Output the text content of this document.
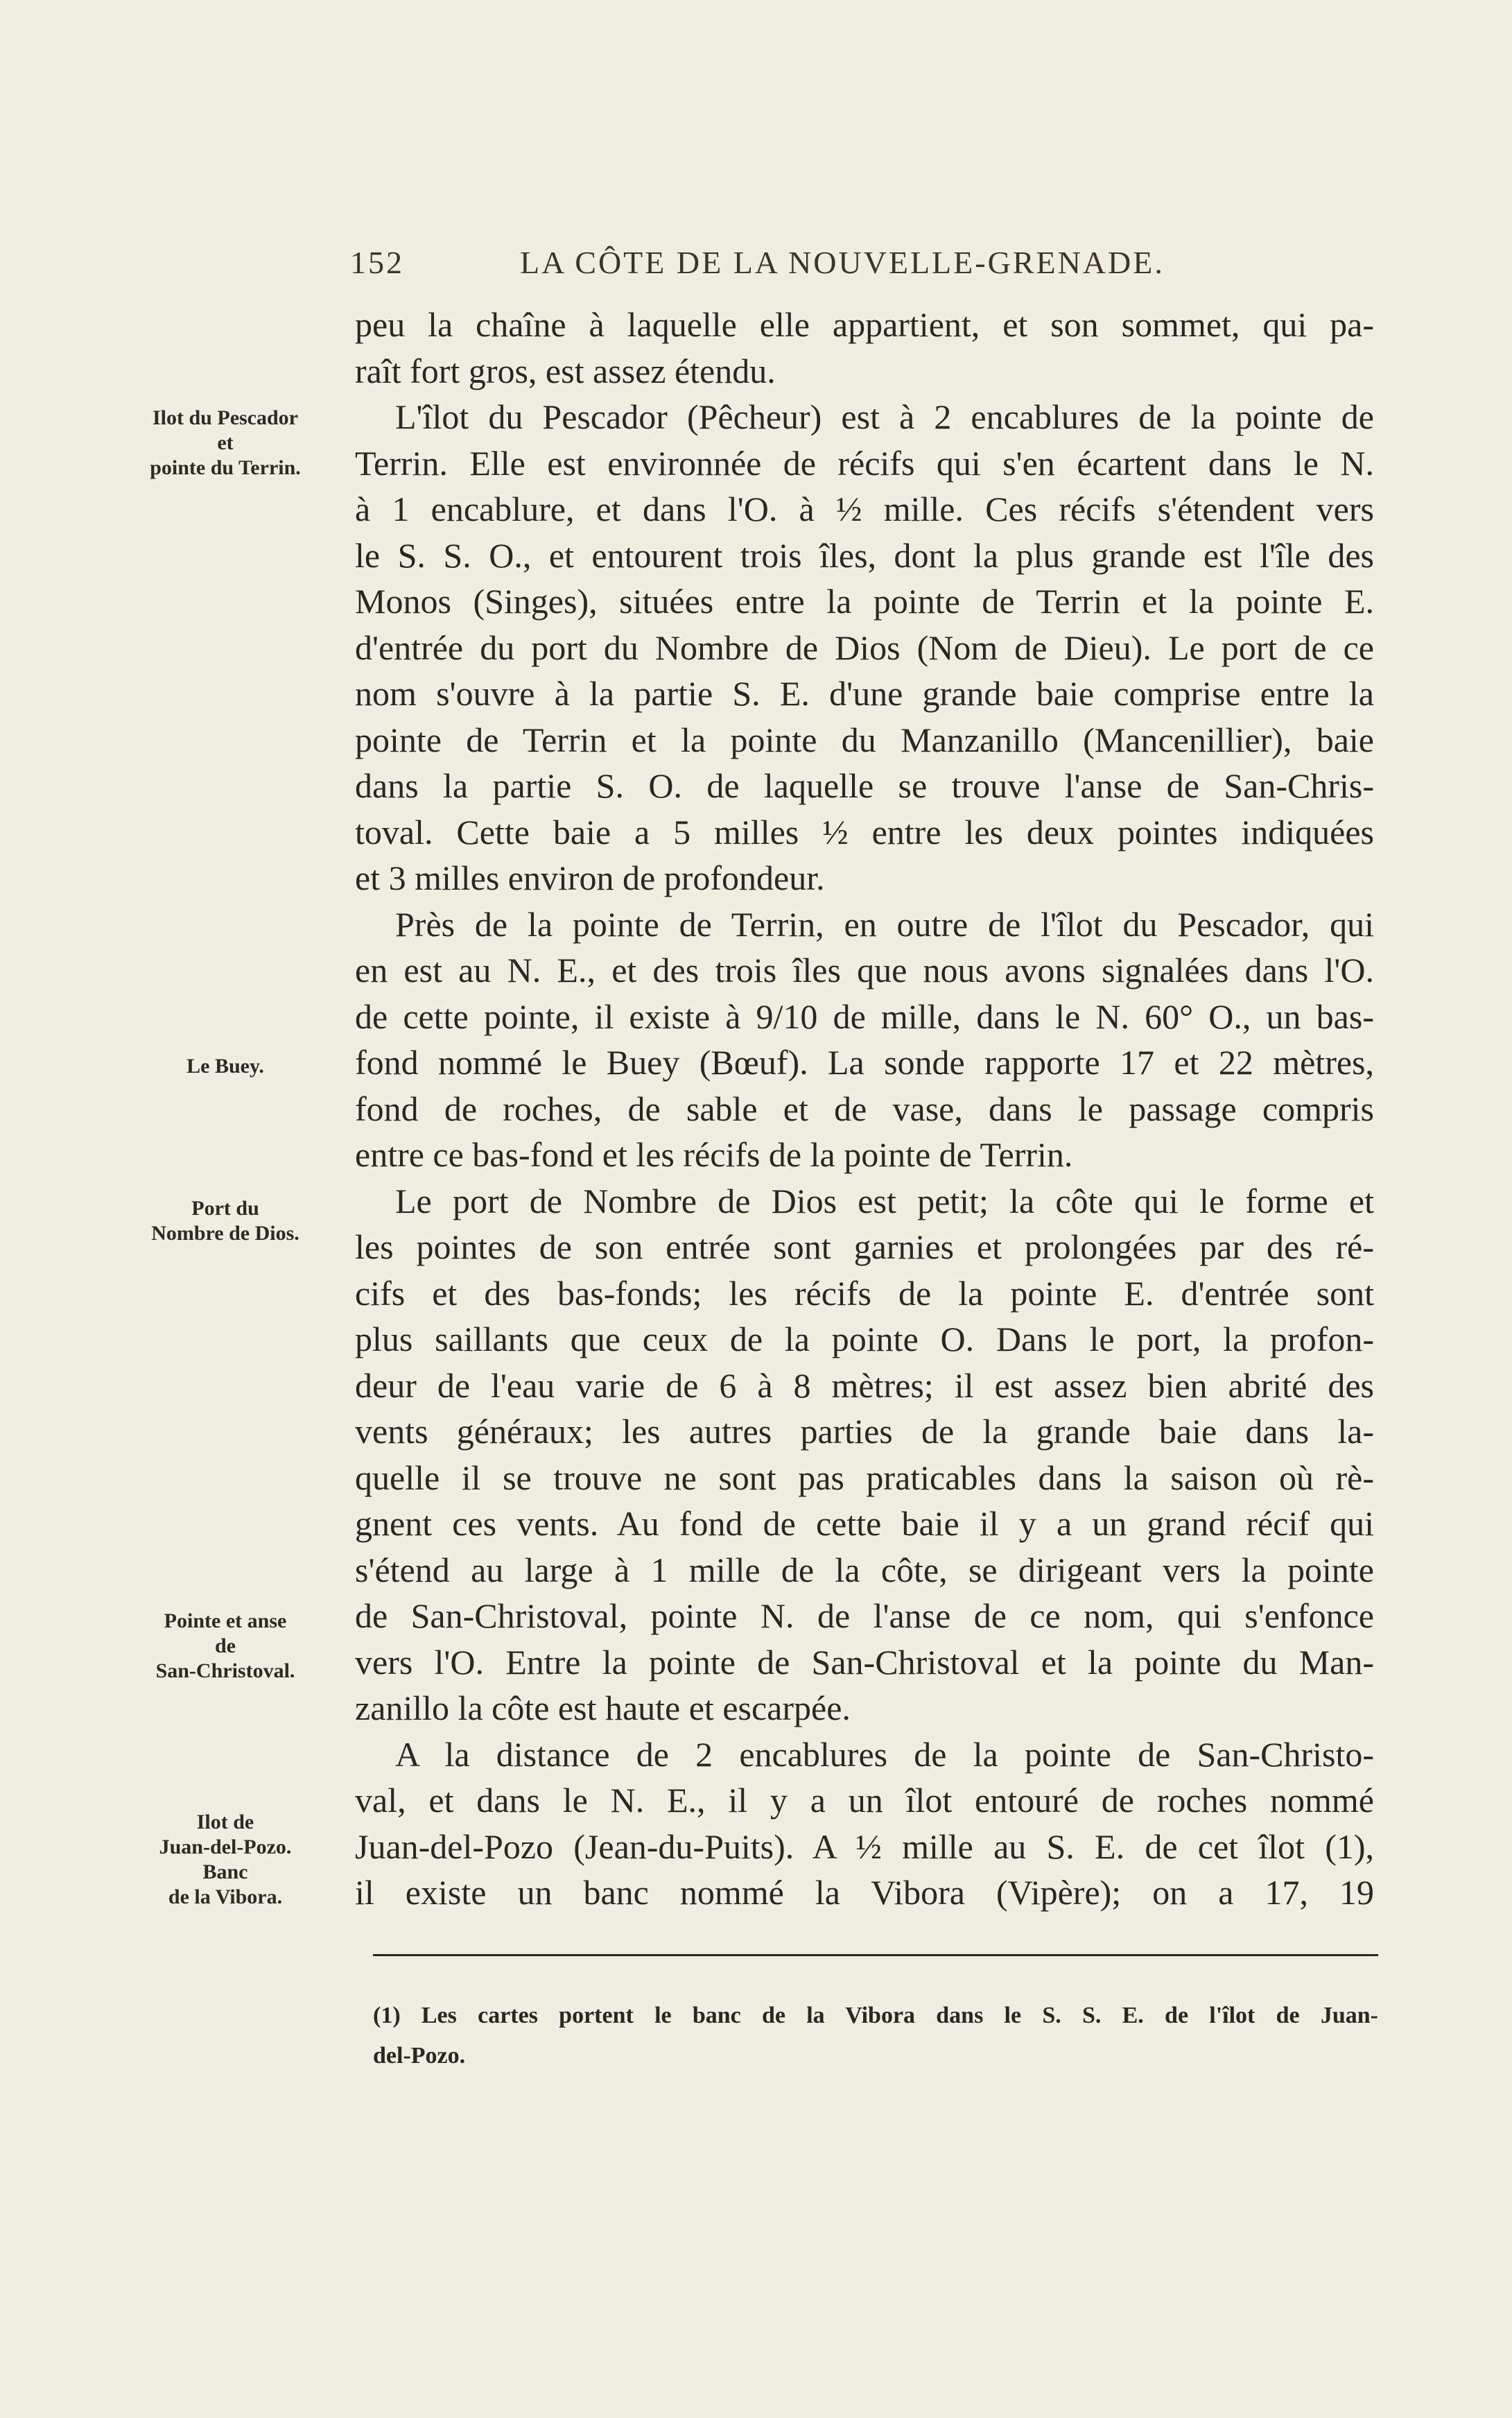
152	LA CÔTE DE LA NOUVELLE-GRENADE.
Ilot du Pescador
et
pointe du Terrin.
Le Buey.
Port du
Nombre de Dios.
Pointe et anse
de
San-Christoval.
Ilot de
Juan-del-Pozo.
Banc
de la Vibora.
peu la chaîne à laquelle elle appartient, et son sommet, qui pa-
raît fort gros, est assez étendu.
L'îlot du Pescador (Pêcheur) est à 2 encablures de la pointe de
Terrin. Elle est environnée de récifs qui s'en écartent dans le N.
à 1 encablure, et dans l'O. à ½ mille. Ces récifs s'étendent vers
le S. S. O., et entourent trois îles, dont la plus grande est l'île des
Monos (Singes), situées entre la pointe de Terrin et la pointe E.
d'entrée du port du Nombre de Dios (Nom de Dieu). Le port de ce
nom s'ouvre à la partie S. E. d'une grande baie comprise entre la
pointe de Terrin et la pointe du Manzanillo (Mancenillier), baie
dans la partie S. O. de laquelle se trouve l'anse de San-Chris-
toval. Cette baie a 5 milles ½ entre les deux pointes indiquées
et 3 milles environ de profondeur.
Près de la pointe de Terrin, en outre de l'îlot du Pescador, qui
en est au N. E., et des trois îles que nous avons signalées dans l'O.
de cette pointe, il existe à 9/10 de mille, dans le N. 60° O., un bas-
fond nommé le Buey (Bœuf). La sonde rapporte 17 et 22 mètres,
fond de roches, de sable et de vase, dans le passage compris
entre ce bas-fond et les récifs de la pointe de Terrin.
Le port de Nombre de Dios est petit; la côte qui le forme et
les pointes de son entrée sont garnies et prolongées par des ré-
cifs et des bas-fonds; les récifs de la pointe E. d'entrée sont
plus saillants que ceux de la pointe O. Dans le port, la profon-
deur de l'eau varie de 6 à 8 mètres; il est assez bien abrité des
vents généraux; les autres parties de la grande baie dans la-
quelle il se trouve ne sont pas praticables dans la saison où rè-
gnent ces vents. Au fond de cette baie il y a un grand récif qui
s'étend au large à 1 mille de la côte, se dirigeant vers la pointe
de San-Christoval, pointe N. de l'anse de ce nom, qui s'enfonce
vers l'O. Entre la pointe de San-Christoval et la pointe du Man-
zanillo la côte est haute et escarpée.
A la distance de 2 encablures de la pointe de San-Christo-
val, et dans le N. E., il y a un îlot entouré de roches nommé
Juan-del-Pozo (Jean-du-Puits). A ½ mille au S. E. de cet îlot (1),
il existe un banc nommé la Vibora (Vipère); on a 17, 19
(1) Les cartes portent le banc de la Vibora dans le S. S. E. de l'îlot de Juan-
del-Pozo.
